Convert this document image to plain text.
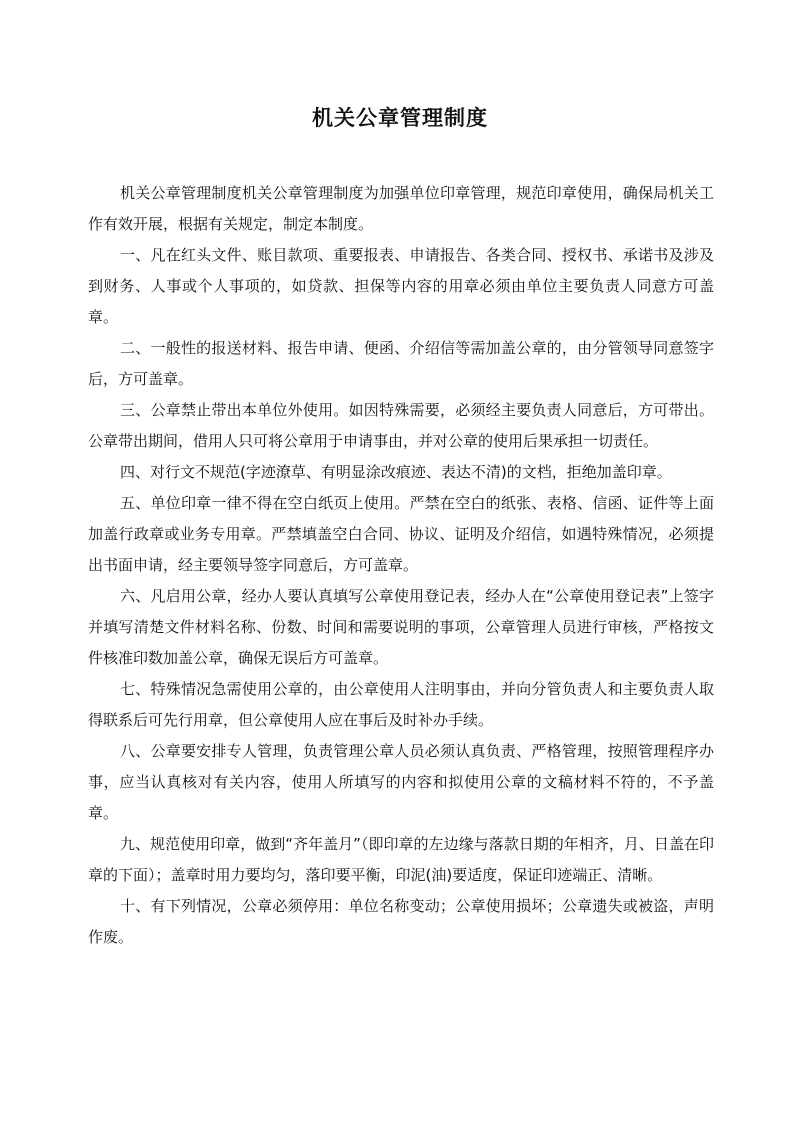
机关公章管理制度

机关公章管理制度机关公章管理制度为加强单位印章管理，规范印章使用，确保局机关工作有效开展，根据有关规定，制定本制度。

一、凡在红头文件、账目款项、重要报表、申请报告、各类合同、授权书、承诺书及涉及到财务、人事或个人事项的，如贷款、担保等内容的用章必须由单位主要负责人同意方可盖章。

二、一般性的报送材料、报告申请、便函、介绍信等需加盖公章的，由分管领导同意签字后，方可盖章。

三、公章禁止带出本单位外使用。如因特殊需要，必须经主要负责人同意后，方可带出。公章带出期间，借用人只可将公章用于申请事由，并对公章的使用后果承担一切责任。

四、对行文不规范(字迹潦草、有明显涂改痕迹、表达不清)的文档，拒绝加盖印章。

五、单位印章一律不得在空白纸页上使用。严禁在空白的纸张、表格、信函、证件等上面加盖行政章或业务专用章。严禁填盖空白合同、协议、证明及介绍信，如遇特殊情况，必须提出书面申请，经主要领导签字同意后，方可盖章。

六、凡启用公章，经办人要认真填写公章使用登记表，经办人在“公章使用登记表”上签字并填写清楚文件材料名称、份数、时间和需要说明的事项，公章管理人员进行审核，严格按文件核准印数加盖公章，确保无误后方可盖章。

七、特殊情况急需使用公章的，由公章使用人注明事由，并向分管负责人和主要负责人取得联系后可先行用章，但公章使用人应在事后及时补办手续。

八、公章要安排专人管理，负责管理公章人员必须认真负责、严格管理，按照管理程序办事，应当认真核对有关内容，使用人所填写的内容和拟使用公章的文稿材料不符的，不予盖章。

九、规范使用印章，做到“齐年盖月”（即印章的左边缘与落款日期的年相齐，月、日盖在印章的下面）；盖章时用力要均匀，落印要平衡，印泥(油)要适度，保证印迹端正、清晰。

十、有下列情况，公章必须停用：单位名称变动；公章使用损坏；公章遗失或被盗，声明作废。
